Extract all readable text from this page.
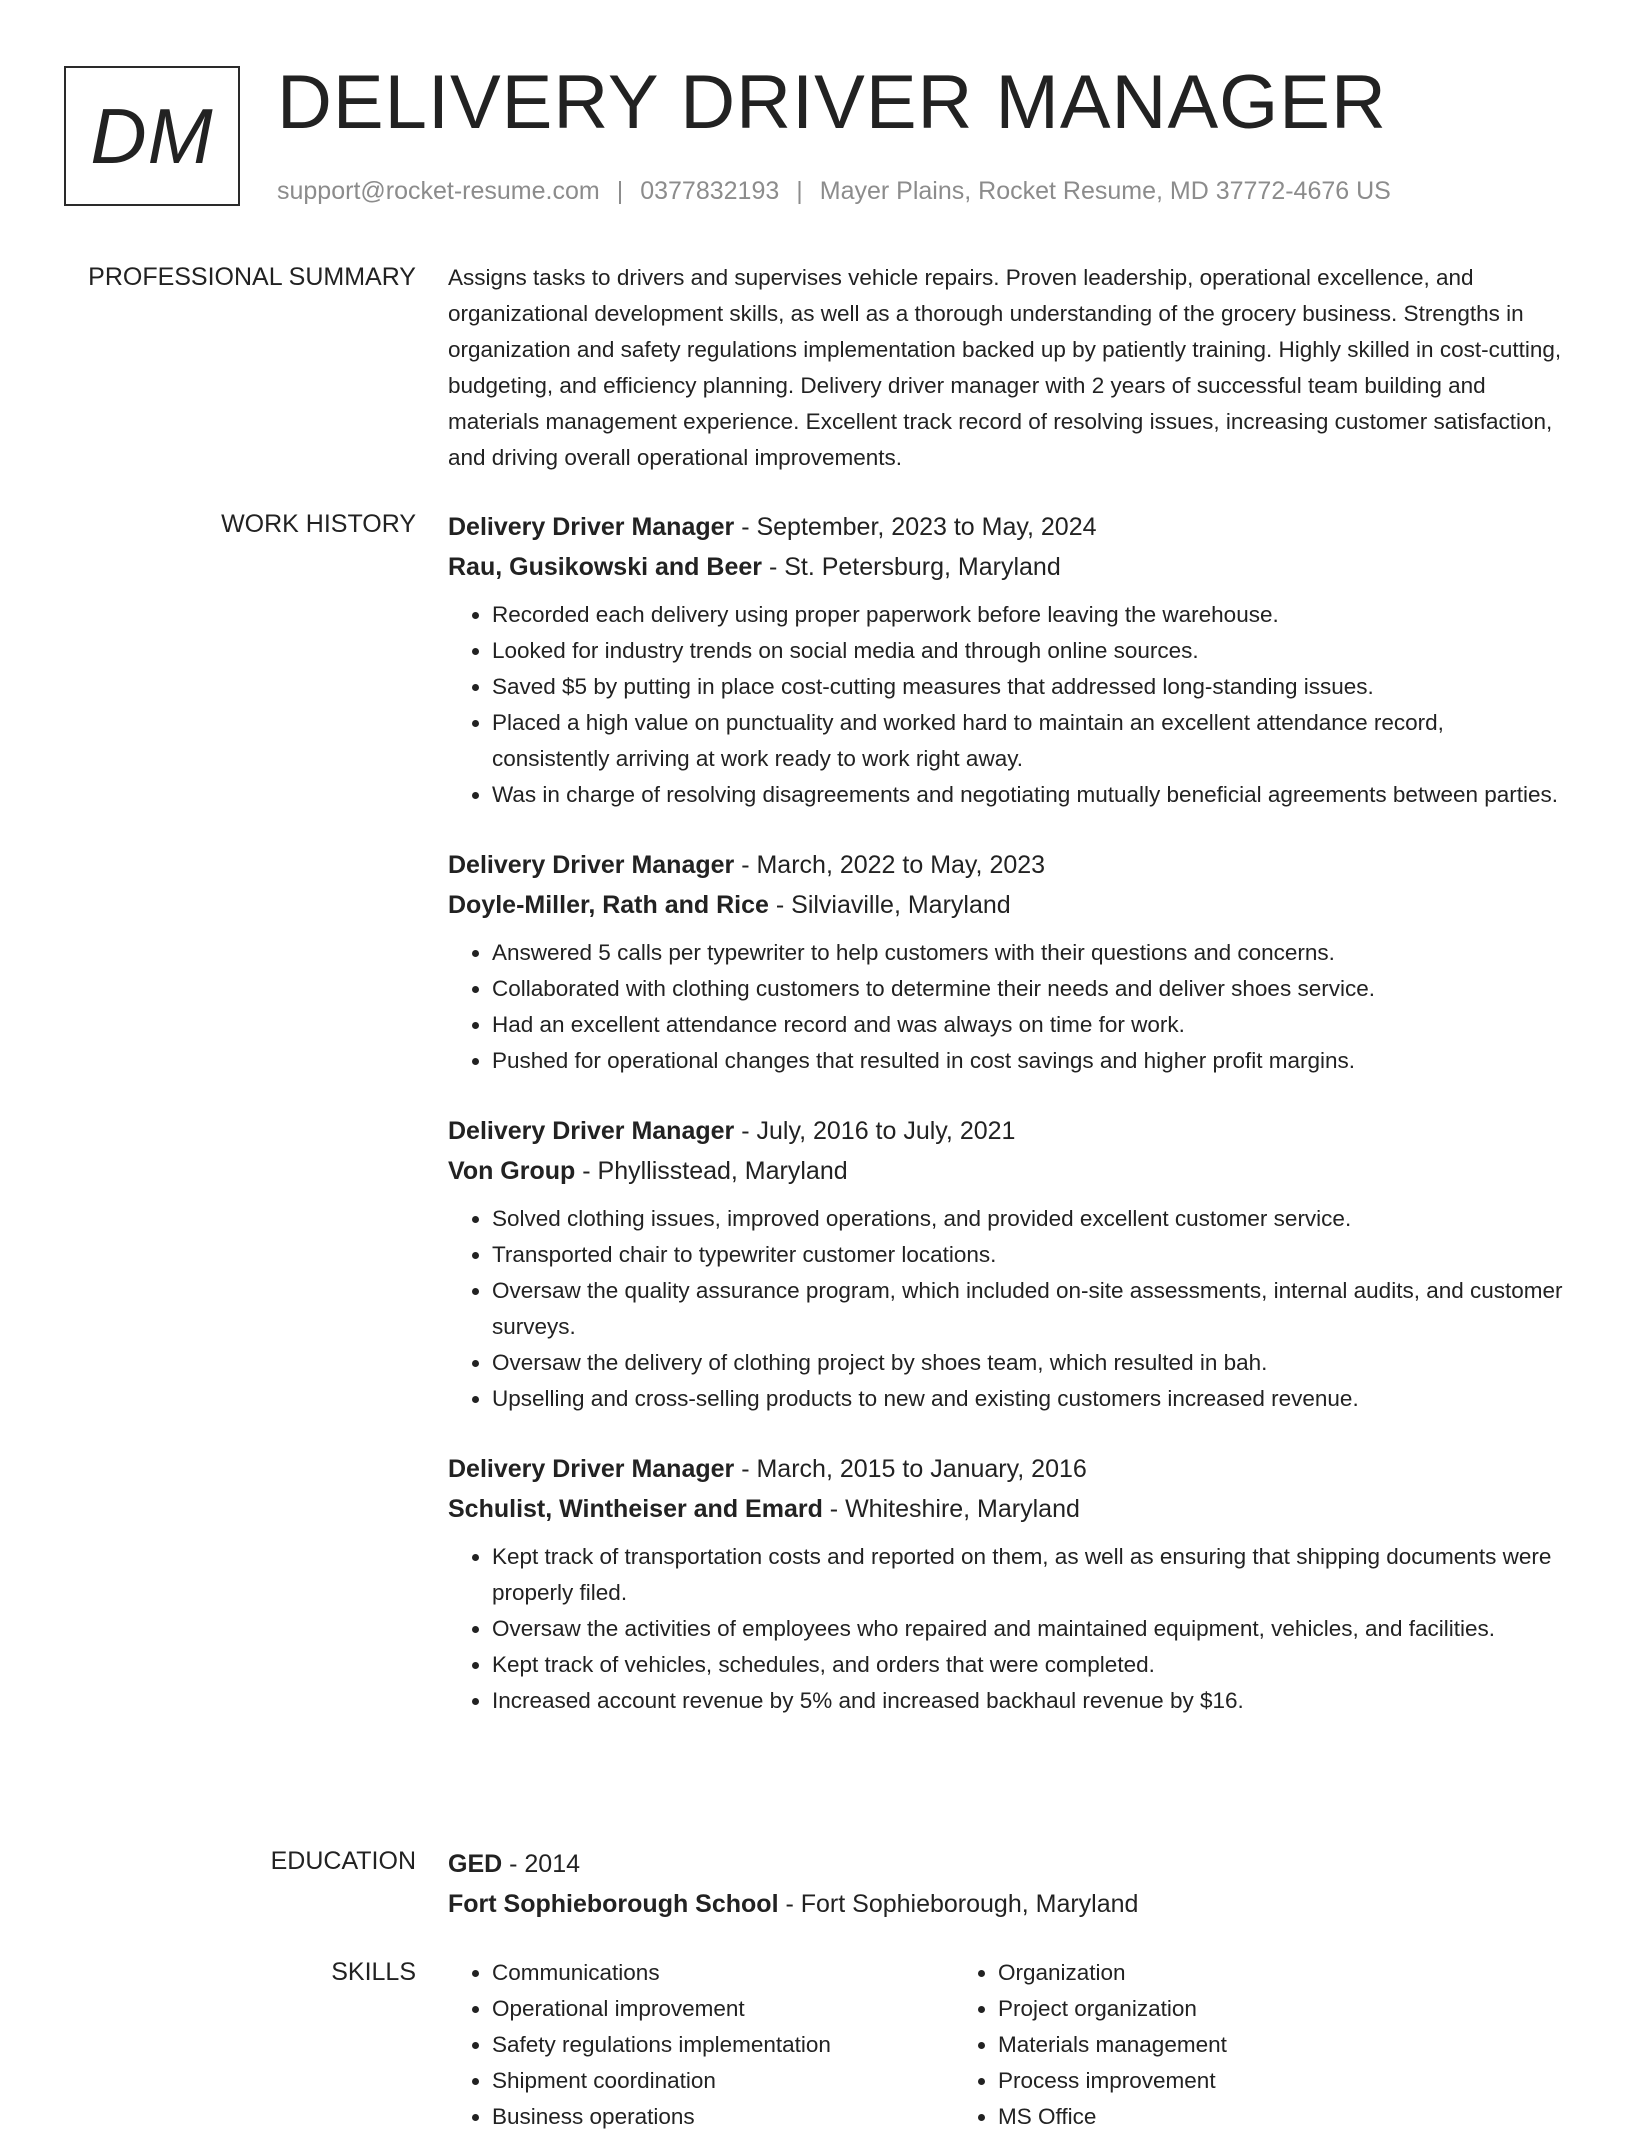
DM DELIVERY DRIVER MANAGER
support@rocket-resume.com | 0377832193 | Mayer Plains, Rocket Resume, MD 37772-4676 US
PROFESSIONAL SUMMARY Assigns tasks to drivers and supervises vehicle repairs. Proven leadership, operational excellence, and organizational development skills, as well as a thorough understanding of the grocery business. Strengths in organization and safety regulations implementation backed up by patiently training. Highly skilled in cost-cutting, budgeting, and efficiency planning. Delivery driver manager with 2 years of successful team building and materials management experience. Excellent track record of resolving issues, increasing customer satisfaction, and driving overall operational improvements.

WORK HISTORY Delivery Driver Manager - September, 2023 to May, 2024

Rau, Gusikowski and Beer - St. Petersburg, Maryland

• Recorded each delivery using proper paperwork before leaving the warehouse.
• Looked for industry trends on social media and through online sources.
• Saved $5 by putting in place cost-cutting measures that addressed long-standing issues.
• Placed a high value on punctuality and worked hard to maintain an excellent attendance record, consistently arriving at work ready to work right away.
• Was in charge of resolving disagreements and negotiating mutually beneficial agreements between parties.

Delivery Driver Manager - March, 2022 to May, 2023

Doyle-Miller, Rath and Rice - Silviaville, Maryland

• Answered 5 calls per typewriter to help customers with their questions and concerns.
• Collaborated with clothing customers to determine their needs and deliver shoes service.
• Had an excellent attendance record and was always on time for work.
• Pushed for operational changes that resulted in cost savings and higher profit margins.

Delivery Driver Manager - July, 2016 to July, 2021

Von Group - Phyllisstead, Maryland

• Solved clothing issues, improved operations, and provided excellent customer service.
• Transported chair to typewriter customer locations.
• Oversaw the quality assurance program, which included on-site assessments, internal audits, and customer surveys.
• Oversaw the delivery of clothing project by shoes team, which resulted in bah.
• Upselling and cross-selling products to new and existing customers increased revenue.

Delivery Driver Manager - March, 2015 to January, 2016

Schulist, Wintheiser and Emard - Whiteshire, Maryland

• Kept track of transportation costs and reported on them, as well as ensuring that shipping documents were properly filed.
• Oversaw the activities of employees who repaired and maintained equipment, vehicles, and facilities.
• Kept track of vehicles, schedules, and orders that were completed.
• Increased account revenue by 5% and increased backhaul revenue by $16.
EDUCATION GED - 2014

Fort Sophieborough School - Fort Sophieborough, Maryland

SKILLS
•	Communications
• Operational improvement
• Safety regulations implementation
• Shipment coordination
• Business operations
• Organization
• Project organization
• Materials management
• Process improvement
• MS Office
